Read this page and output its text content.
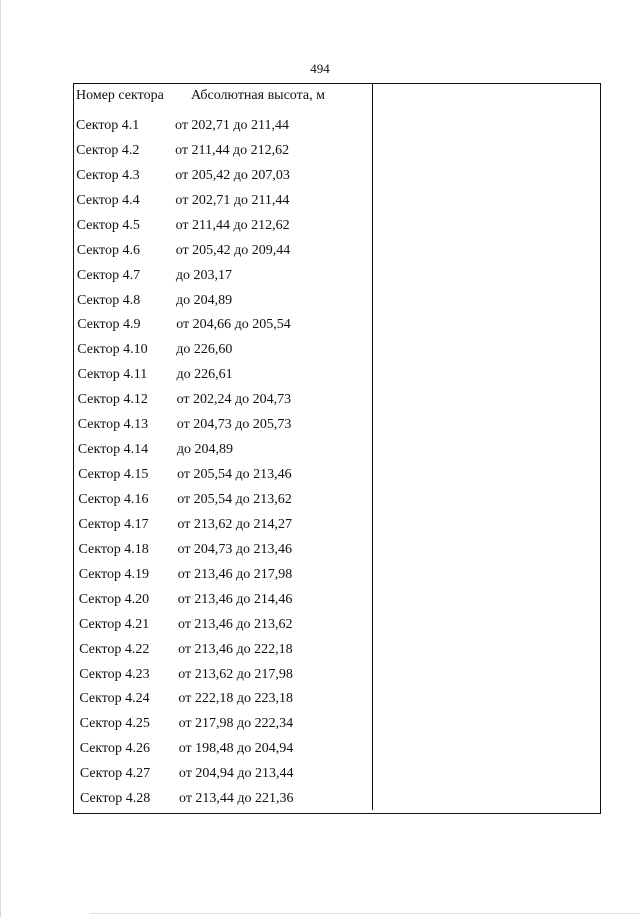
494
Номер сектора Абсолютная высота, м
Сектор 4.1	от 202,71 до 211,44
Сектор 4.2	от 211,44 до 212,62
Сектор 4.3	от 205,42 до 207,03
Сектор 4.4	от 202,71 до 211,44
Сектор 4.5	от 211,44 до 212,62
Сектор 4.6	от 205,42 до 209,44
Сектор 4.7	до 203,17
Сектор 4.8	до 204,89
Сектор 4.9	от 204,66 до 205,54
Сектор 4.10 до 226,60
Сектор 4.11 до 226,61
Сектор 4.12 от 202,24 до 204,73
Сектор 4.13 от 204,73 до 205,73
Сектор 4.14 до 204,89
Сектор 4.15 от 205,54 до 213,46
Сектор 4.16 от 205,54 до 213,62
Сектор 4.17 от 213,62 до 214,27
Сектор 4.18 от 204,73 до 213,46
Сектор 4.19 от 213,46 до 217,98
Сектор 4.20 от 213,46 до 214,46
Сектор 4.21 от 213,46 до 213,62
Сектор 4.22 от 213,46 до 222,18
Сектор 4.23 от 213,62 до 217,98
Сектор 4.24 от 222,18 до 223,18
Сектор 4.25 от 217,98 до 222,34
Сектор 4.26 от 198,48 до 204,94
Сектор 4.27 от 204,94 до 213,44
Сектор 4.28 от 213,44 до 221,36
